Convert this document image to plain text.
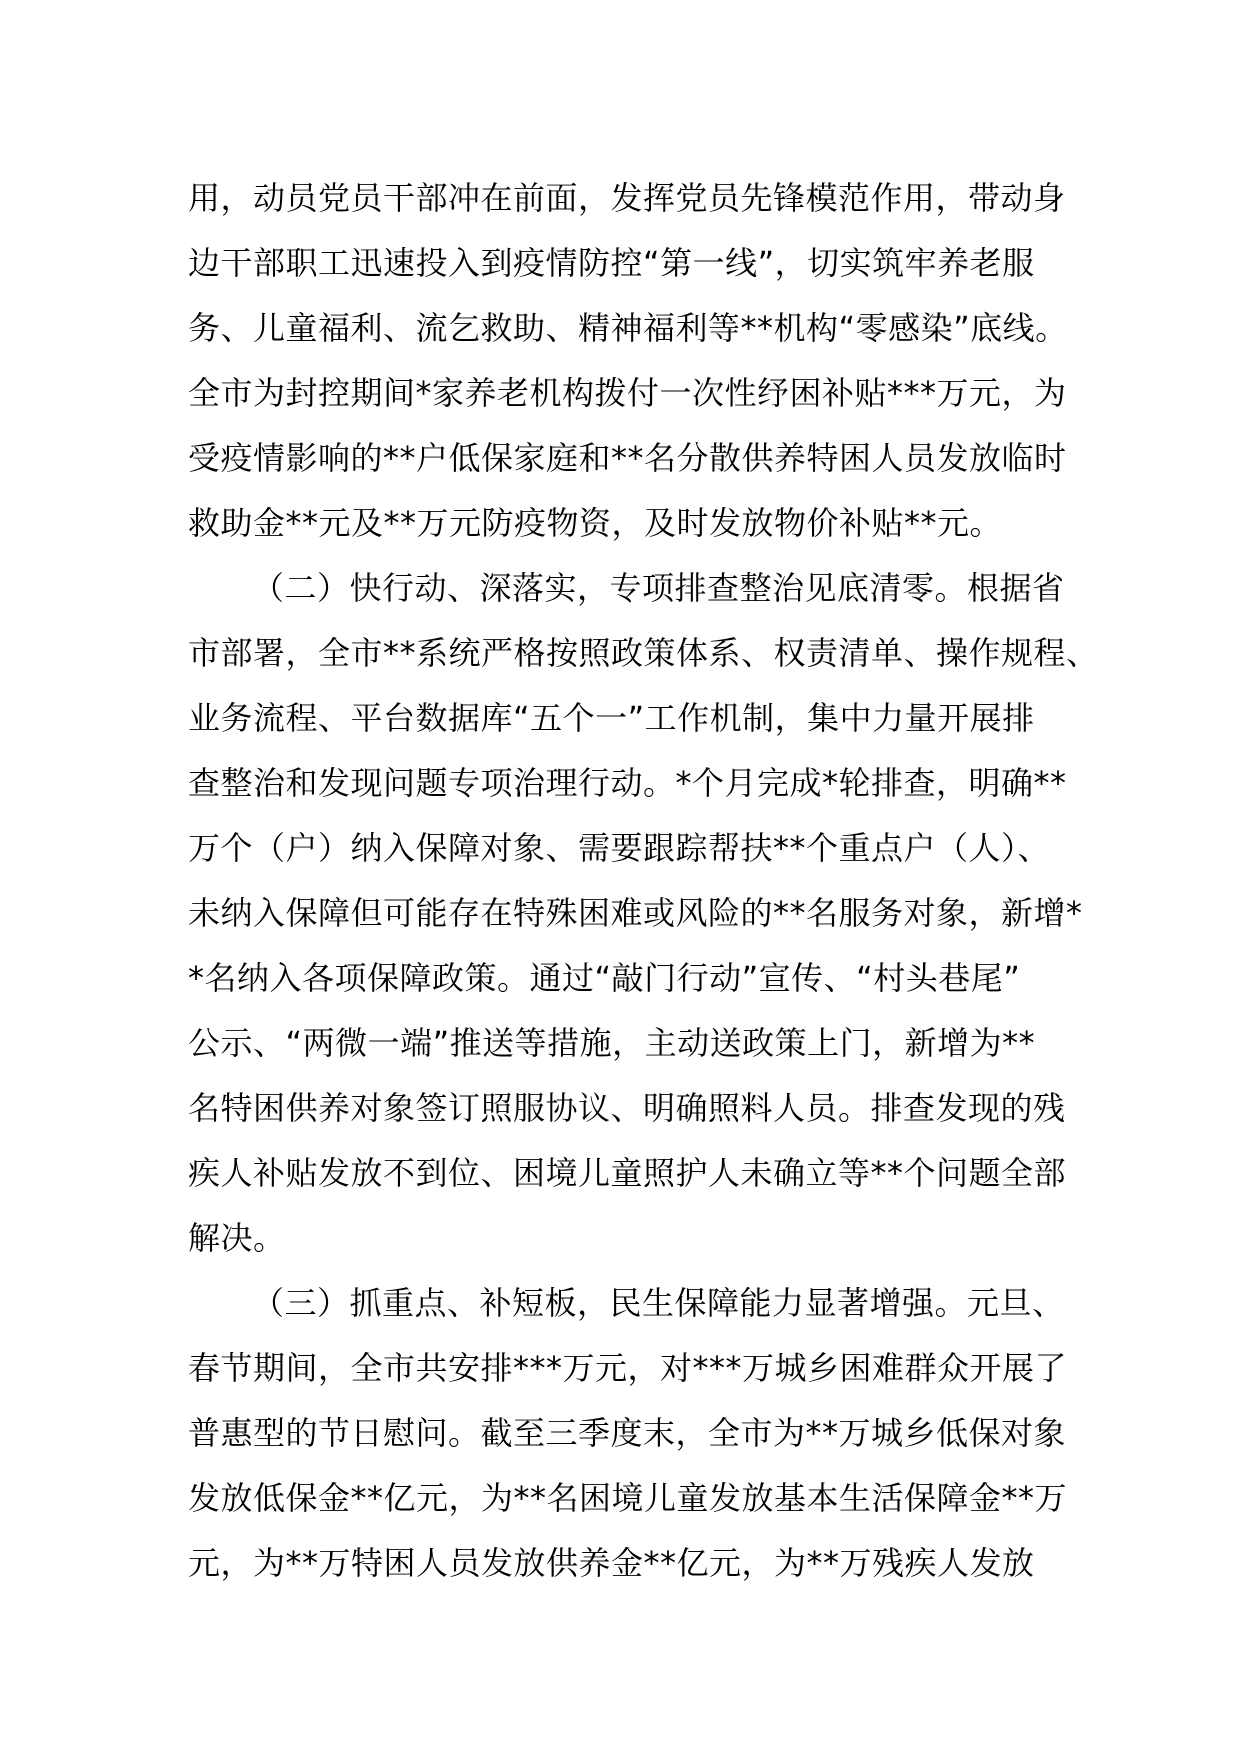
用，动员党员干部冲在前面，发挥党员先锋模范作用，带动身
边干部职工迅速投入到疫情防控“第一线”，切实筑牢养老服
务、儿童福利、流乞救助、精神福利等**机构“零感染”底线。
全市为封控期间*家养老机构拨付一次性纾困补贴***万元，为
受疫情影响的**户低保家庭和**名分散供养特困人员发放临时
救助金**元及**万元防疫物资，及时发放物价补贴**元。
（二）快行动、深落实，专项排查整治见底清零。根据省
市部署，全市**系统严格按照政策体系、权责清单、操作规程、
业务流程、平台数据库“五个一”工作机制，集中力量开展排
查整治和发现问题专项治理行动。*个月完成*轮排查，明确**
万个（户）纳入保障对象、需要跟踪帮扶**个重点户（人）、
未纳入保障但可能存在特殊困难或风险的**名服务对象，新增*
*名纳入各项保障政策。通过“敲门行动”宣传、“村头巷尾”
公示、“两微一端”推送等措施，主动送政策上门，新增为**
名特困供养对象签订照服协议、明确照料人员。排查发现的残
疾人补贴发放不到位、困境儿童照护人未确立等**个问题全部
解决。
（三）抓重点、补短板，民生保障能力显著增强。元旦、
春节期间，全市共安排***万元，对***万城乡困难群众开展了
普惠型的节日慰问。截至三季度末，全市为**万城乡低保对象
发放低保金**亿元，为**名困境儿童发放基本生活保障金**万
元，为**万特困人员发放供养金**亿元，为**万残疾人发放
